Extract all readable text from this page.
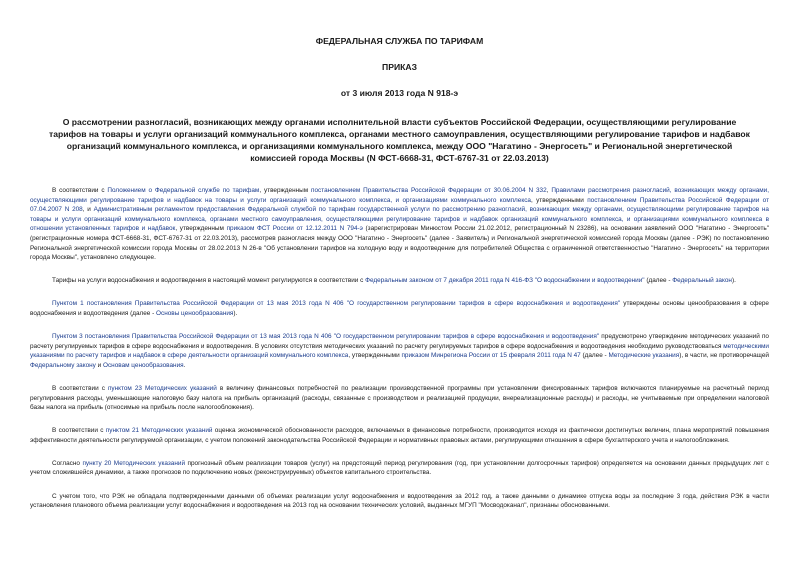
ФЕДЕРАЛЬНАЯ СЛУЖБА ПО ТАРИФАМ
ПРИКАЗ
от 3 июля 2013 года N 918-э
О рассмотрении разногласий, возникающих между органами исполнительной власти субъектов Российской Федерации, осуществляющими регулирование тарифов на товары и услуги организаций коммунального комплекса, органами местного самоуправления, осуществляющими регулирование тарифов и надбавок организаций коммунального комплекса, и организациями коммунального комплекса, между ООО "Нагатино - Энергосеть" и Региональной энергетической комиссией города Москвы (N ФСТ-6668-31, ФСТ-6767-31 от 22.03.2013)

В соответствии с Положением о Федеральной службе по тарифам, утвержденным постановлением Правительства Российской Федерации от 30.06.2004 N 332, Правилами рассмотрения разногласий, возникающих между органами, осуществляющими регулирование тарифов и надбавок на товары и услуги организаций коммунального комплекса, и организациями коммунального комплекса, утвержденными постановлением Правительства Российской Федерации от 07.04.2007 N 208, и Административным регламентом предоставления Федеральной службой по тарифам государственной услуги по рассмотрению разногласий, возникающих между органами, осуществляющими регулирование тарифов на товары и услуги организаций коммунального комплекса, органами местного самоуправления, осуществляющими регулирование тарифов и надбавок организаций коммунального комплекса, и организациями коммунального комплекса в отношении установленных тарифов и надбавок, утвержденным приказом ФСТ России от 12.12.2011 N 794-э (зарегистрирован Минюстом России 21.02.2012, регистрационный N 23286), на основании заявлений ООО "Нагатино - Энергосеть" (регистрационные номера ФСТ-6668-31, ФСТ-6767-31 от 22.03.2013), рассмотрев разногласия между ООО "Нагатино - Энергосеть" (далее - Заявитель) и Региональной энергетической комиссией города Москвы (далее - РЭК) по постановлению Региональной энергетической комиссии города Москвы от 28.02.2013 N 26-в "Об установлении тарифов на холодную воду и водоотведение для потребителей Общества с ограниченной ответственностью "Нагатино - Энергосеть" на территории города Москвы", установлено следующее.

Тарифы на услуги водоснабжения и водоотведения в настоящий момент регулируются в соответствии с Федеральным законом от 7 декабря 2011 года N 416-ФЗ "О водоснабжении и водоотведении" (далее - Федеральный закон).

Пунктом 1 постановления Правительства Российской Федерации от 13 мая 2013 года N 406 "О государственном регулировании тарифов в сфере водоснабжения и водоотведения" утверждены основы ценообразования в сфере водоснабжения и водоотведения (далее - Основы ценообразования).

Пунктом 3 постановления Правительства Российской Федерации от 13 мая 2013 года N 406 "О государственном регулировании тарифов в сфере водоснабжения и водоотведения" предусмотрено утверждение методических указаний по расчету регулируемых тарифов в сфере водоснабжения и водоотведения. В условиях отсутствия методических указаний по расчету регулируемых тарифов в сфере водоснабжения и водоотведения необходимо руководствоваться методическими указаниями по расчету тарифов и надбавок в сфере деятельности организаций коммунального комплекса, утвержденными приказом Минрегиона России от 15 февраля 2011 года N 47 (далее - Методические указания), в части, не противоречащей Федеральному закону и Основам ценообразования.

В соответствии с пунктом 23 Методических указаний в величину финансовых потребностей по реализации производственной программы при установлении фиксированных тарифов включаются планируемые на расчетный период регулирования расходы, уменьшающие налоговую базу налога на прибыль организаций (расходы, связанные с производством и реализацией продукции, внереализационные расходы) и расходы, не учитываемые при определении налоговой базы налога на прибыль (относимые на прибыль после налогообложения).

В соответствии с пунктом 21 Методических указаний оценка экономической обоснованности расходов, включаемых в финансовые потребности, производится исходя из фактически достигнутых величин, плана мероприятий повышения эффективности деятельности регулируемой организации, с учетом положений законодательства Российской Федерации и нормативных правовых актами, регулирующими отношения в сфере бухгалтерского учета и налогообложения.

Согласно пункту 20 Методических указаний прогнозный объем реализации товаров (услуг) на предстоящий период регулирования (год, при установлении долгосрочных тарифов) определяется на основании данных предыдущих лет с учетом сложившейся динамики, а также прогнозов по подключению новых (реконструируемых) объектов капитального строительства.

С учетом того, что РЭК не обладала подтвержденными данными об объемах реализации услуг водоснабжения и водоотведения за 2012 год, а также данными о динамике отпуска воды за последние 3 года, действия РЭК в части установления планового объема реализации услуг водоснабжения и водоотведения на 2013 год на основании технических условий, выданных МГУП "Мосводоканал", признаны обоснованными.
